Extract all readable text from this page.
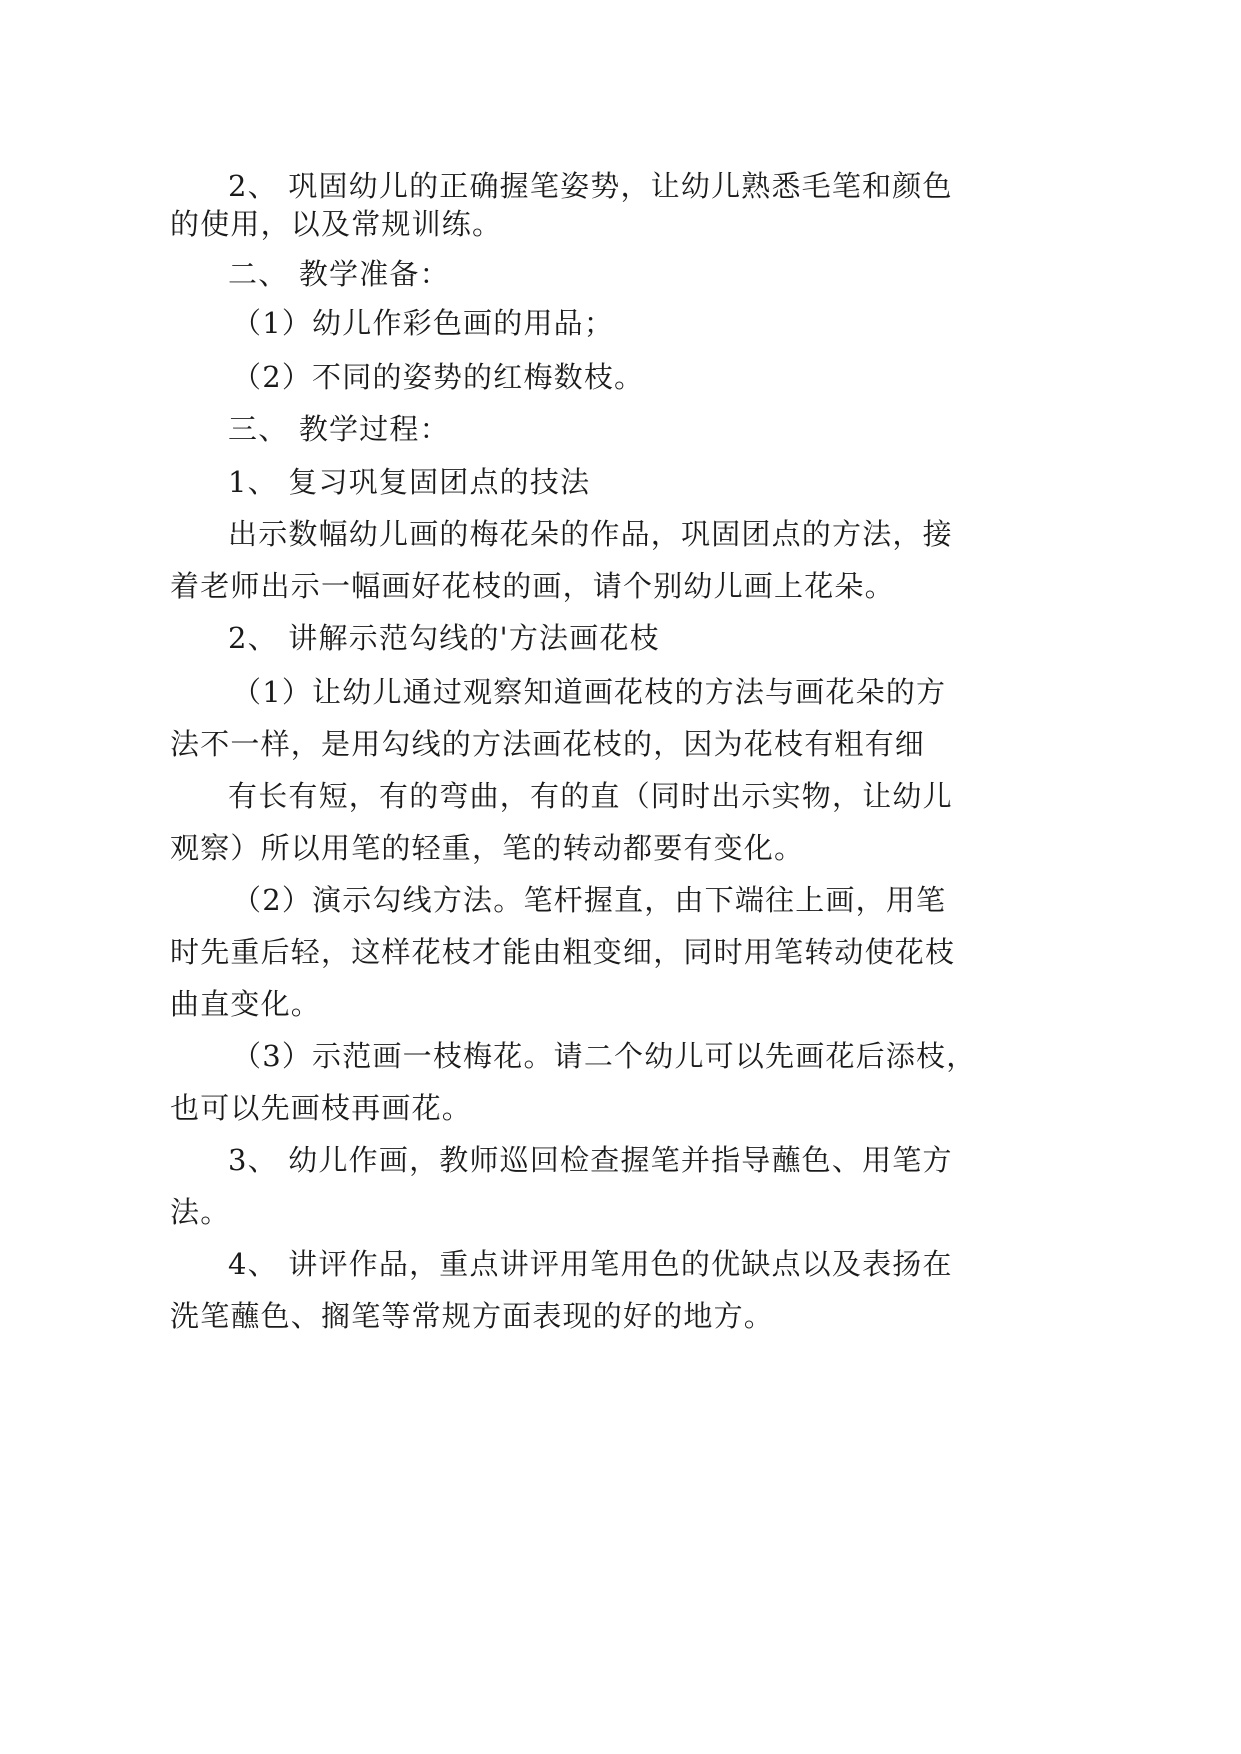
2、 巩固幼儿的正确握笔姿势，让幼儿熟悉毛笔和颜色

的使用，以及常规训练。

二、 教学准备：

（1）幼儿作彩色画的用品；

（2）不同的姿势的红梅数枝。

三、 教学过程：

1、 复习巩复固团点的技法

出示数幅幼儿画的梅花朵的作品，巩固团点的方法，接

着老师出示一幅画好花枝的画，请个别幼儿画上花朵。

2、 讲解示范勾线的'方法画花枝

（1）让幼儿通过观察知道画花枝的方法与画花朵的方

法不一样，是用勾线的方法画花枝的，因为花枝有粗有细

有长有短，有的弯曲，有的直（同时出示实物，让幼儿

观察）所以用笔的轻重，笔的转动都要有变化。

（2）演示勾线方法。笔杆握直，由下端往上画，用笔

时先重后轻，这样花枝才能由粗变细，同时用笔转动使花枝

曲直变化。

（3）示范画一枝梅花。请二个幼儿可以先画花后添枝，

也可以先画枝再画花。

3、 幼儿作画，教师巡回检查握笔并指导蘸色、用笔方

法。

4、 讲评作品，重点讲评用笔用色的优缺点以及表扬在

洗笔蘸色、搁笔等常规方面表现的好的地方。
